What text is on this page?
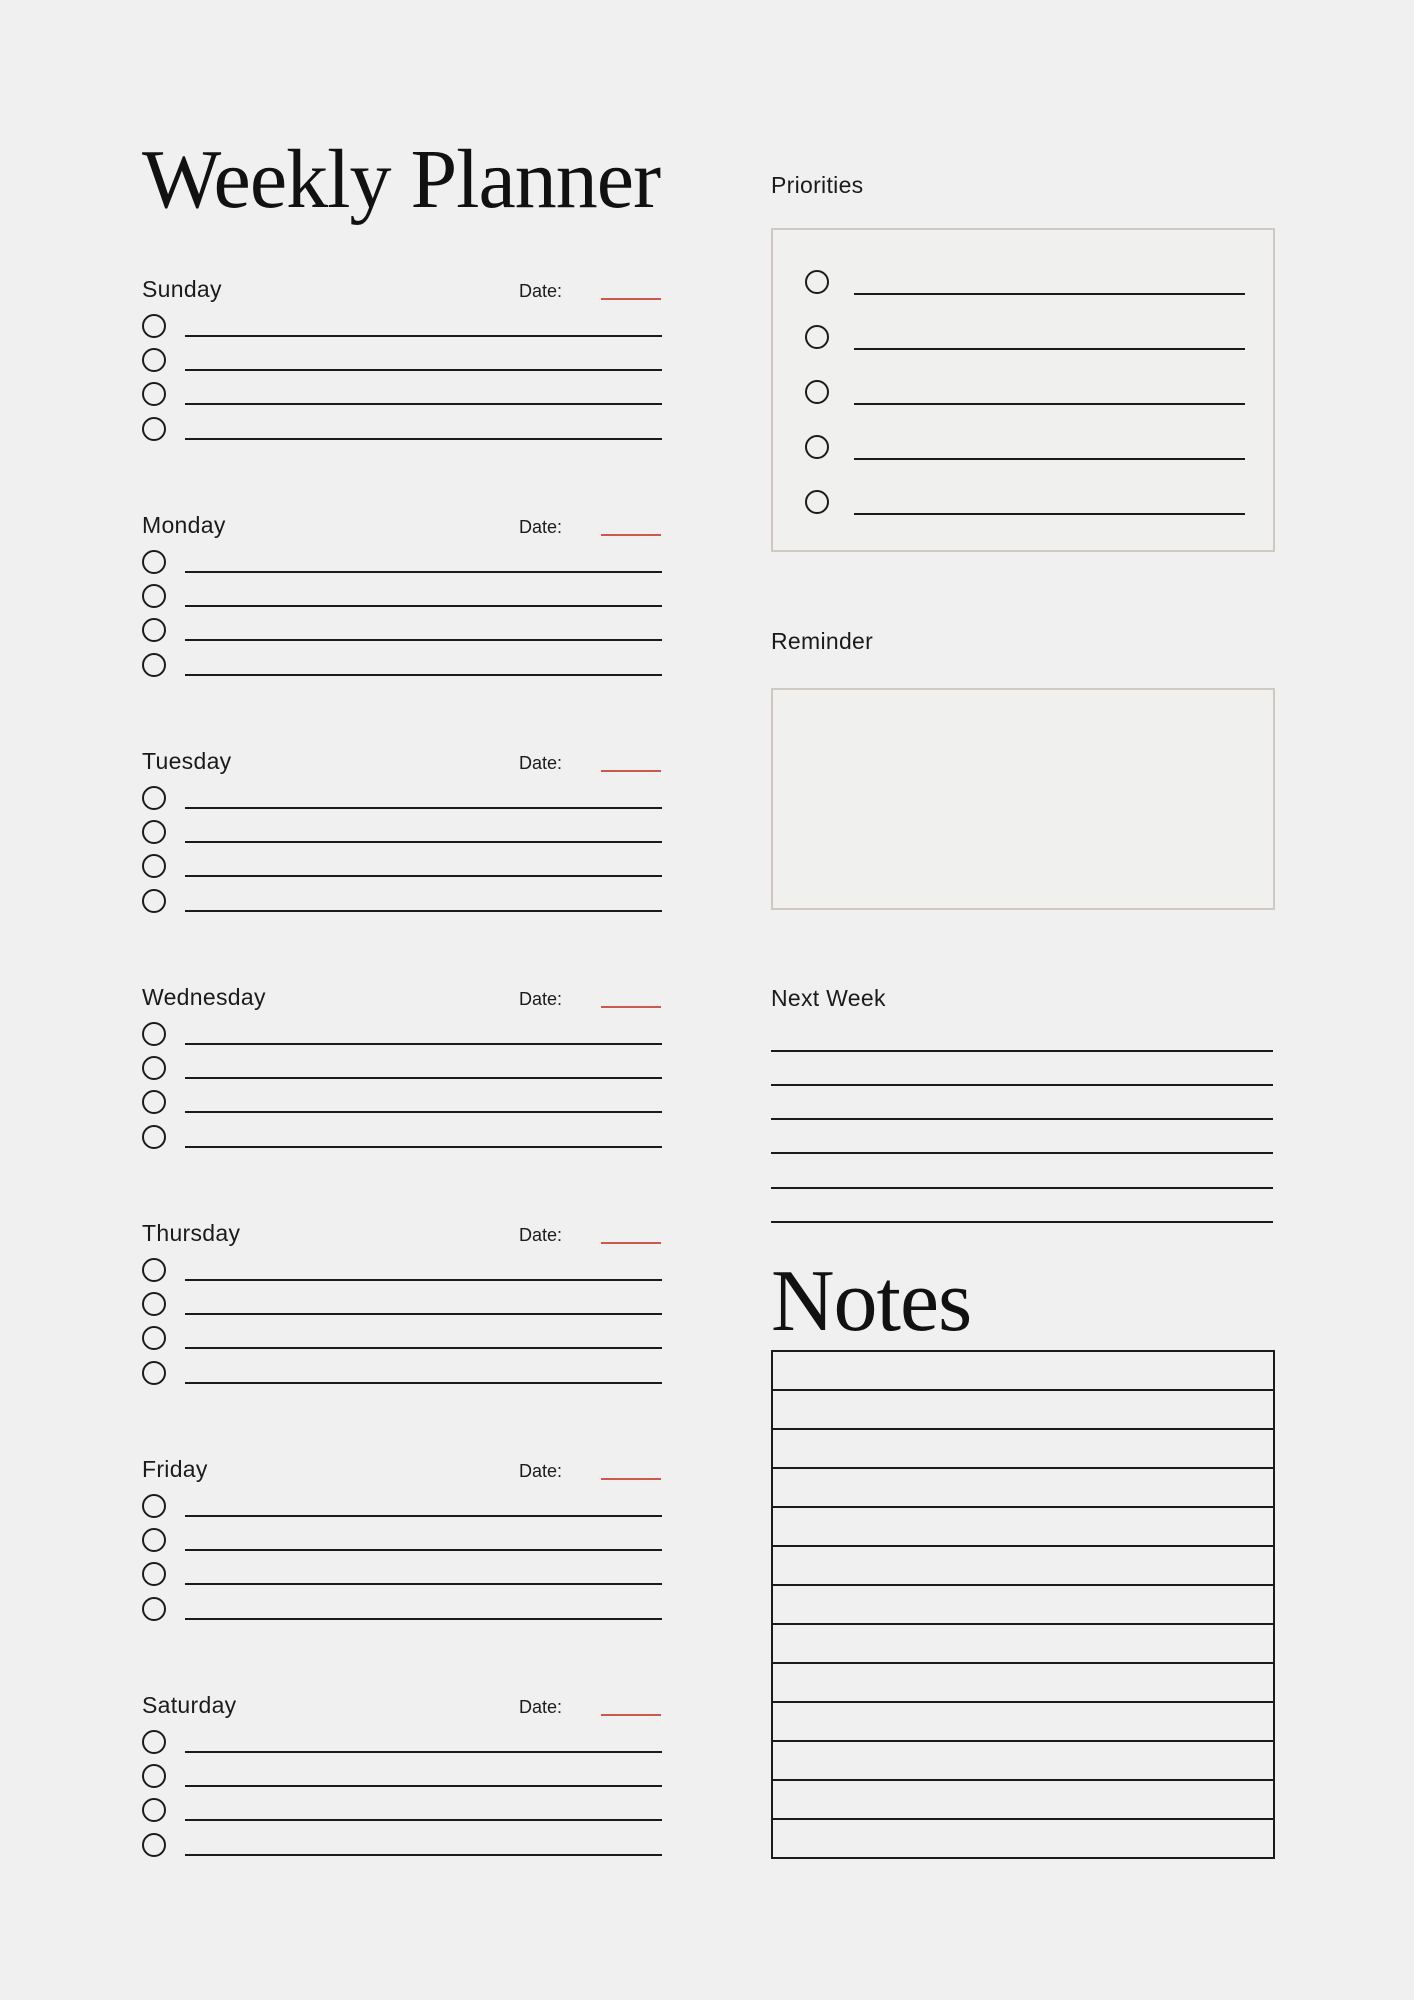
Weekly Planner
Sunday	Date:
Monday	Date:
Tuesday	Date:
Wednesday	Date:
Thursday	Date:
Friday	Date:
Saturday	Date:
Priorities
Reminder
Next Week
Notes
